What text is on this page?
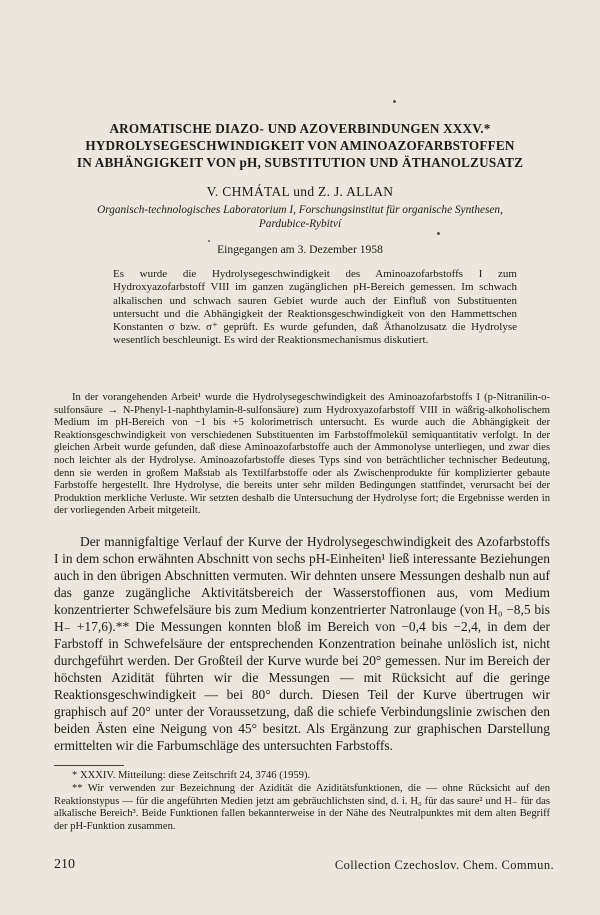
AROMATISCHE DIAZO- UND AZOVERBINDUNGEN XXXV.*
HYDROLYSEGESCHWINDIGKEIT VON AMINOAZOFARBSTOFFEN
IN ABHÄNGIGKEIT VON pH, SUBSTITUTION UND ÄTHANOLZUSATZ
V. CHMÁTAL und Z. J. ALLAN
Organisch-technologisches Laboratorium I, Forschungsinstitut für organische Synthesen,
Pardubice-Rybitví
Eingegangen am 3. Dezember 1958

Es wurde die Hydrolysegeschwindigkeit des Aminoazofarbstoffs I zum Hydroxyazofarbstoff VIII im ganzen zugänglichen pH-Bereich gemessen. Im schwach alkalischen und schwach sauren Gebiet wurde auch der Einfluß von Substituenten untersucht und die Abhängigkeit der Reaktionsgeschwindigkeit von den Hammettschen Konstanten σ bzw. σ⁺ geprüft. Es wurde gefunden, daß Äthanolzusatz die Hydrolyse wesentlich beschleunigt. Es wird der Reaktionsmechanismus diskutiert.

In der vorangehenden Arbeit¹ wurde die Hydrolysegeschwindigkeit des Aminoazofarbstoffs I (p-Nitranilin-o-sulfonsäure → N-Phenyl-1-naphthylamin-8-sulfonsäure) zum Hydroxyazofarbstoff VIII in wäßrig-alkoholischem Medium im pH-Bereich von −1 bis +5 kolorimetrisch untersucht. Es wurde auch die Abhängigkeit der Reaktionsgeschwindigkeit von verschiedenen Substituenten im Farbstoffmolekül semiquantitativ verfolgt. In der gleichen Arbeit wurde gefunden, daß diese Aminoazofarbstoffe auch der Ammonolyse unterliegen, und zwar dies noch leichter als der Hydrolyse. Aminoazofarbstoffe dieses Typs sind von beträchtlicher technischer Bedeutung, denn sie werden in großem Maßstab als Textilfarbstoffe oder als Zwischenprodukte für komplizierter gebaute Farbstoffe hergestellt. Ihre Hydrolyse, die bereits unter sehr milden Bedingungen stattfindet, verursacht bei der Produktion merkliche Verluste. Wir setzten deshalb die Untersuchung der Hydrolyse fort; die Ergebnisse werden in der vorliegenden Arbeit mitgeteilt.

Der mannigfaltige Verlauf der Kurve der Hydrolysegeschwindigkeit des Azofarbstoffs I in dem schon erwähnten Abschnitt von sechs pH-Einheiten¹ ließ interessante Beziehungen auch in den übrigen Abschnitten vermuten. Wir dehnten unsere Messungen deshalb nun auf das ganze zugängliche Aktivitätsbereich der Wasserstoffionen aus, vom Medium konzentrierter Schwefelsäure bis zum Medium konzentrierter Natronlauge (von H₀ −8,5 bis H₋ +17,6).** Die Messungen konnten bloß im Bereich von −0,4 bis −2,4, in dem der Farbstoff in Schwefelsäure der entsprechenden Konzentration beinahe unlöslich ist, nicht durchgeführt werden. Der Großteil der Kurve wurde bei 20° gemessen. Nur im Bereich der höchsten Azidität führten wir die Messungen — mit Rücksicht auf die geringe Reaktionsgeschwindigkeit — bei 80° durch. Diesen Teil der Kurve übertrugen wir graphisch auf 20° unter der Voraussetzung, daß die schiefe Verbindungslinie zwischen den beiden Ästen eine Neigung von 45° besitzt. Als Ergänzung zur graphischen Darstellung ermittelten wir die Farbumschläge des untersuchten Farbstoffs.

* XXXIV. Mitteilung: diese Zeitschrift 24, 3746 (1959).

** Wir verwenden zur Bezeichnung der Azidität die Aziditätsfunktionen, die — ohne Rücksicht auf den Reaktionstypus — für die angeführten Medien jetzt am gebräuchlichsten sind, d. i. H₀ für das saure² und H₋ für das alkalische Bereich³. Beide Funktionen fallen bekannterweise in der Nähe des Neutralpunktes mit dem alten Begriff der pH-Funktion zusammen.

210	Collection Czechoslov. Chem. Commun.
